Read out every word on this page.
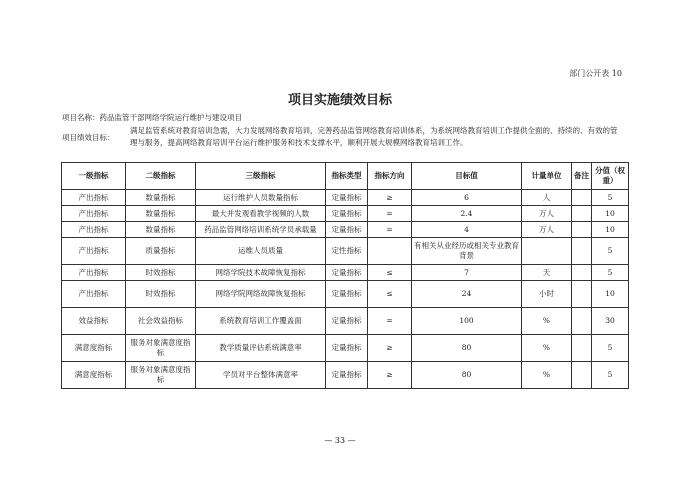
部门公开表 10
项目实施绩效目标
项目名称：药品监管干部网络学院运行维护与建设项目
项目绩效目标：
满足监管系统对教育培训急需，大力发展网络教育培训，完善药品监管网络教育培训体系，为系统网络教育培训工作提供全面的、持续的、有效的管理与服务，提高网络教育培训平台运行维护服务和技术支撑水平，顺利开展大规模网络教育培训工作。
一级指标	二级指标	三级指标	指标类型	指标方向	目标值	计量单位	备注	分值（权重）
产出指标	数量指标	运行维护人员数量指标	定量指标	≥	6	人		5
产出指标	数量指标	最大并发观看教学视频的人数	定量指标	=	2.4	万人		10
产出指标	数量指标	药品监管网络培训系统学员承载量	定量指标	=	4	万人		10
产出指标	质量指标	运维人员质量	定性指标		有相关从业经历或相关专业教育背景			5
产出指标	时效指标	网络学院技术故障恢复指标	定量指标	≤	7	天		5
产出指标	时效指标	网络学院网络故障恢复指标	定量指标	≤	24	小时		10
效益指标	社会效益指标	系统教育培训工作覆盖面	定量指标	=	100	%		30
满意度指标	服务对象满意度指标	教学质量评估系统满意率	定量指标	≥	80	%		5
满意度指标	服务对象满意度指标	学员对平台整体满意率	定量指标	≥	80	%		5
— 33 —
